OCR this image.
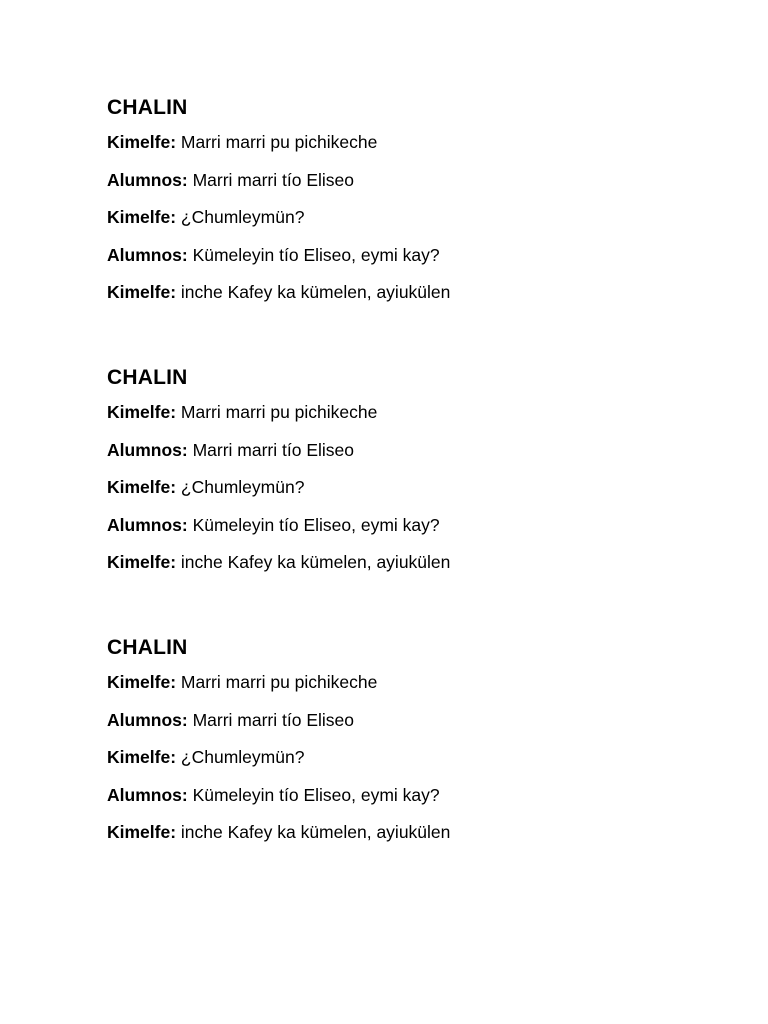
CHALIN
Kimelfe: Marri marri pu pichikeche
Alumnos: Marri marri tío Eliseo
Kimelfe: ¿Chumleymün?
Alumnos: Kümeleyin tío Eliseo, eymi kay?
Kimelfe: inche Kafey ka kümelen, ayiukülen
CHALIN
Kimelfe: Marri marri pu pichikeche
Alumnos: Marri marri tío Eliseo
Kimelfe: ¿Chumleymün?
Alumnos: Kümeleyin tío Eliseo, eymi kay?
Kimelfe: inche Kafey ka kümelen, ayiukülen
CHALIN
Kimelfe: Marri marri pu pichikeche
Alumnos: Marri marri tío Eliseo
Kimelfe: ¿Chumleymün?
Alumnos: Kümeleyin tío Eliseo, eymi kay?
Kimelfe: inche Kafey ka kümelen, ayiukülen
